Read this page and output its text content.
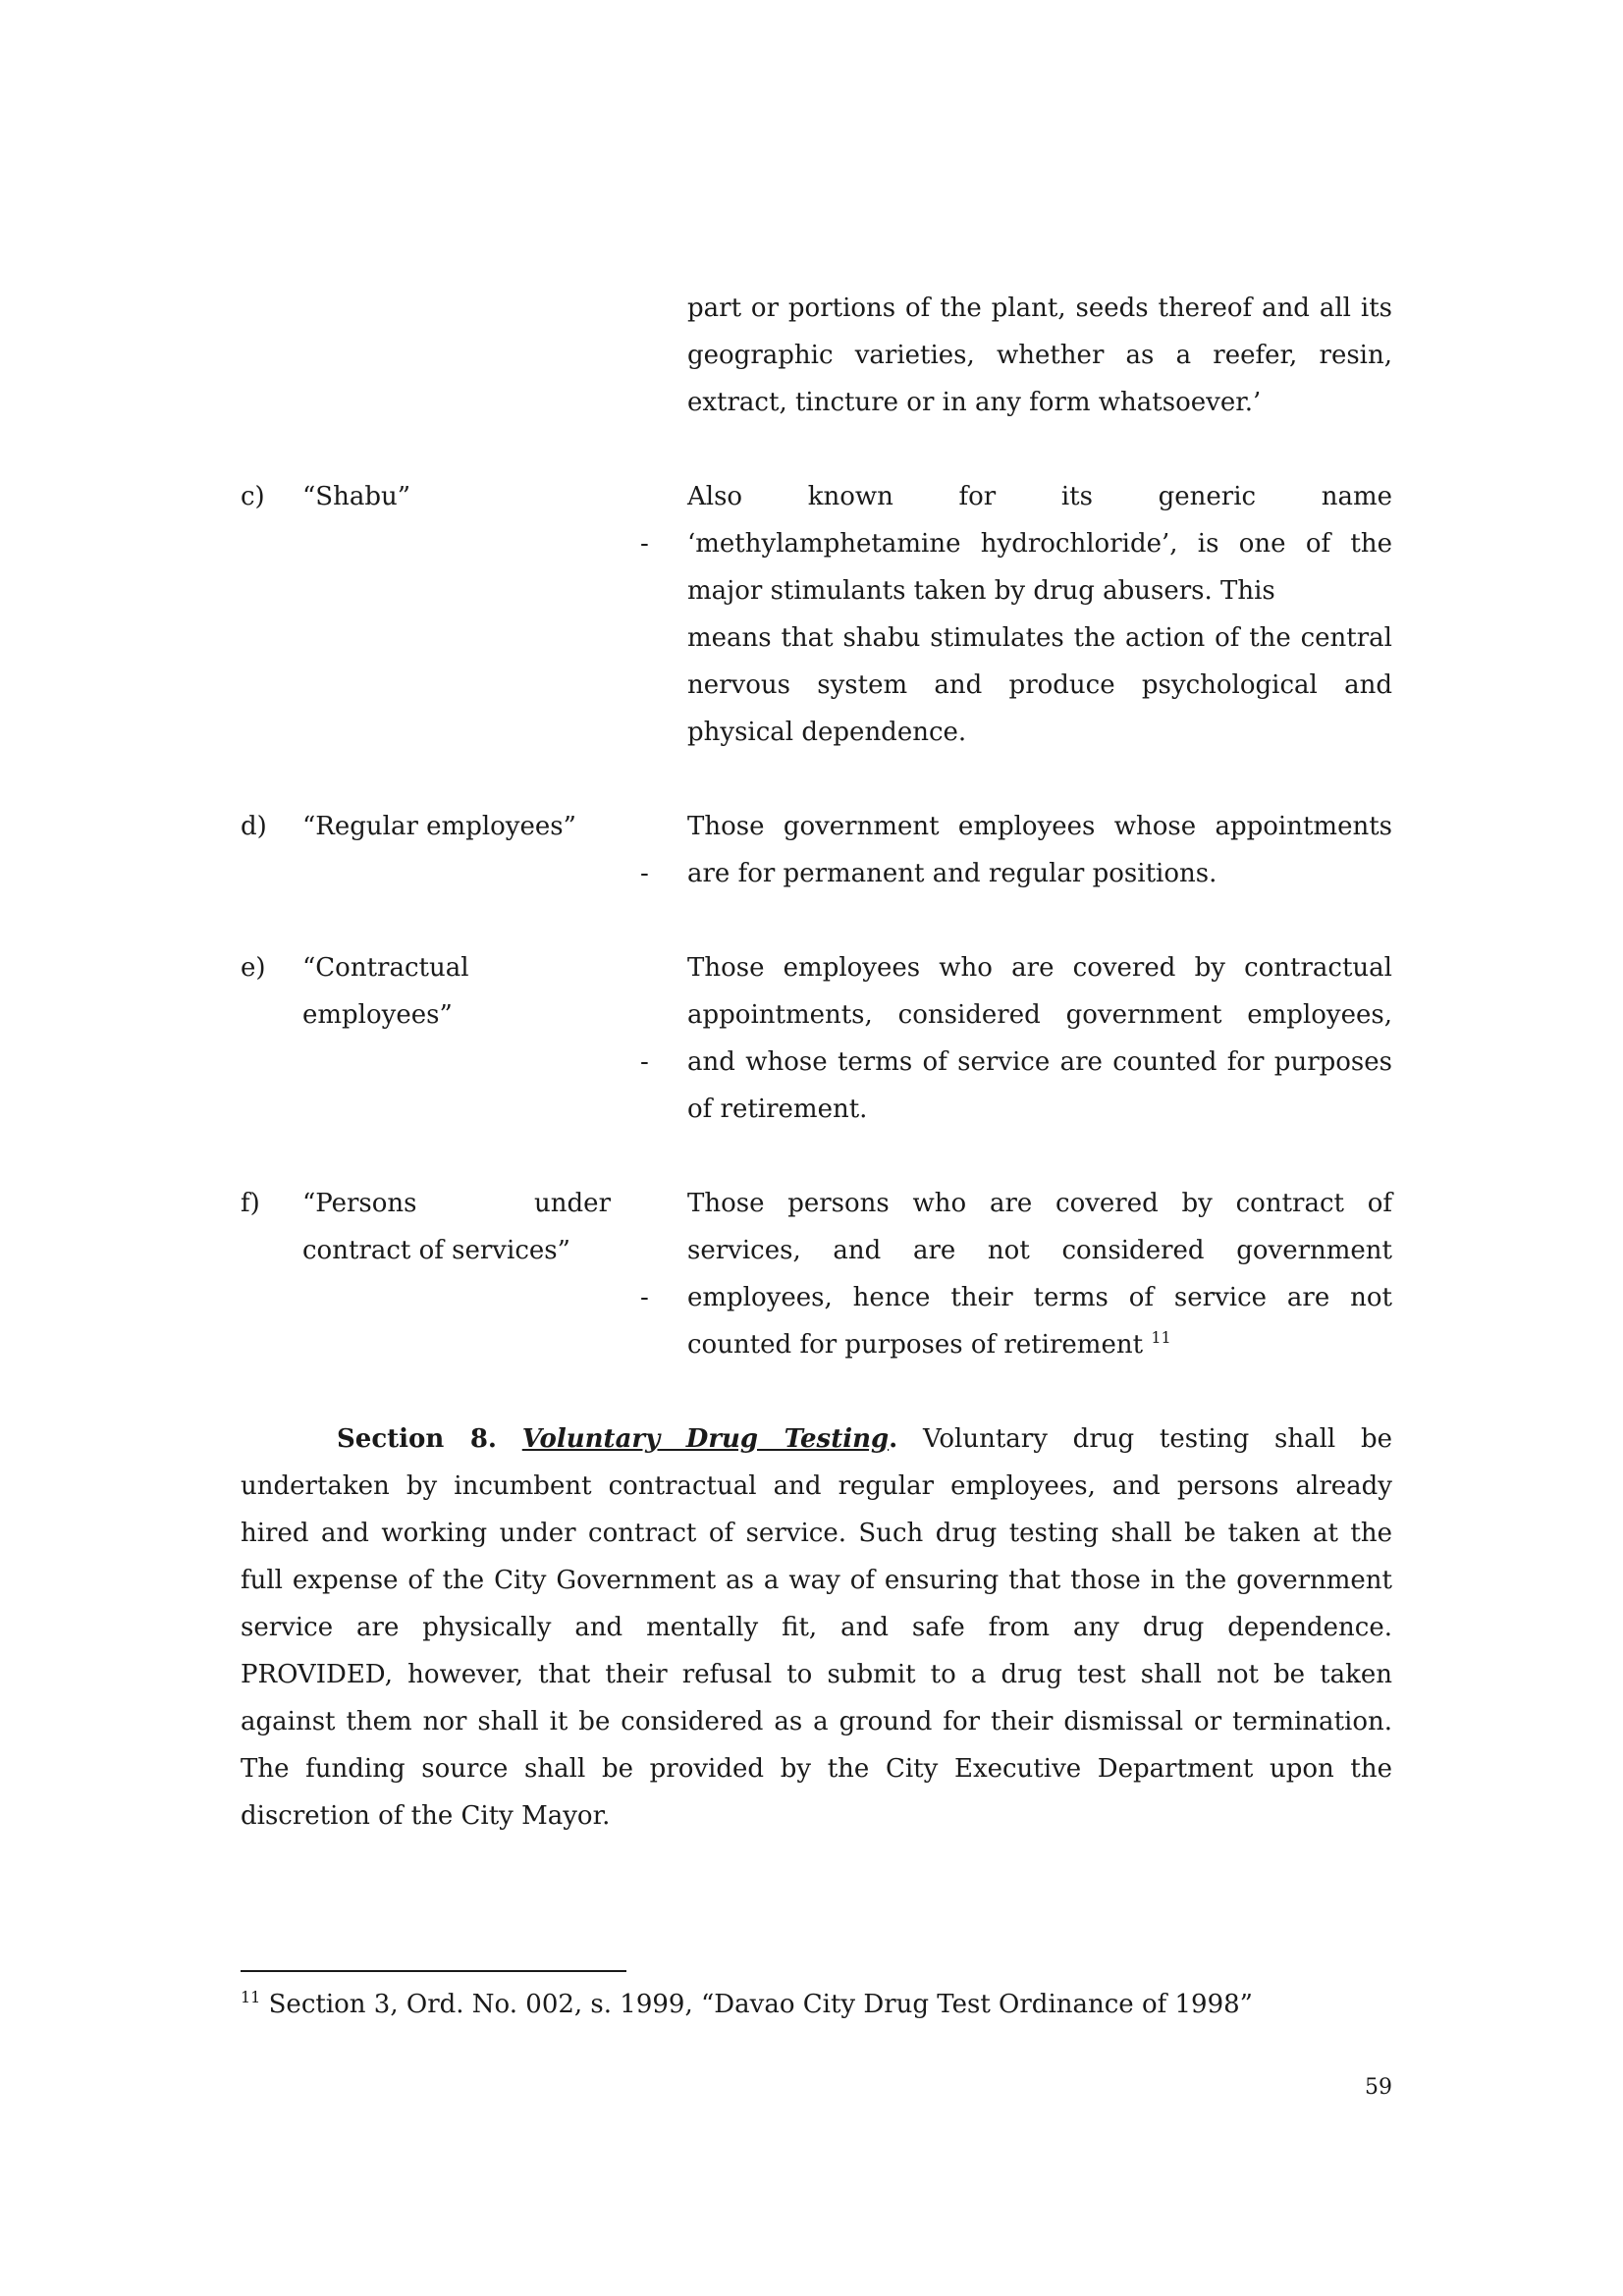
part or portions of the plant, seeds thereof and all its
geographic varieties, whether as a reefer, resin,
extract, tincture or in any form whatsoever.’
c) “Shabu”
-
Also known for its generic name
‘methylamphetamine hydrochloride’, is one of the
major stimulants taken by drug abusers. This
means that shabu stimulates the action of the central
nervous system and produce psychological and
physical dependence.
d) “Regular employees”
-
Those government employees whose appointments
are for permanent and regular positions.
e) “Contractual
employees”
-
Those employees who are covered by contractual
appointments, considered government employees,
and whose terms of service are counted for purposes
of retirement.
f) “Persons under
contract of services”
-
Those persons who are covered by contract of
services, and are not considered government
employees, hence their terms of service are not
counted for purposes of retirement $^{11}$
Section 8. Voluntary Drug Testing. Voluntary drug testing shall be
undertaken by incumbent contractual and regular employees, and persons already
hired and working under contract of service. Such drug testing shall be taken at the
full expense of the City Government as a way of ensuring that those in the government
service are physically and mentally fit, and safe from any drug dependence.
PROVIDED, however, that their refusal to submit to a drug test shall not be taken
against them nor shall it be considered as a ground for their dismissal or termination.
The funding source shall be provided by the City Executive Department upon the
discretion of the City Mayor.
$^{11}$ Section 3, Ord. No. 002, s. 1999, “Davao City Drug Test Ordinance of 1998”
59
